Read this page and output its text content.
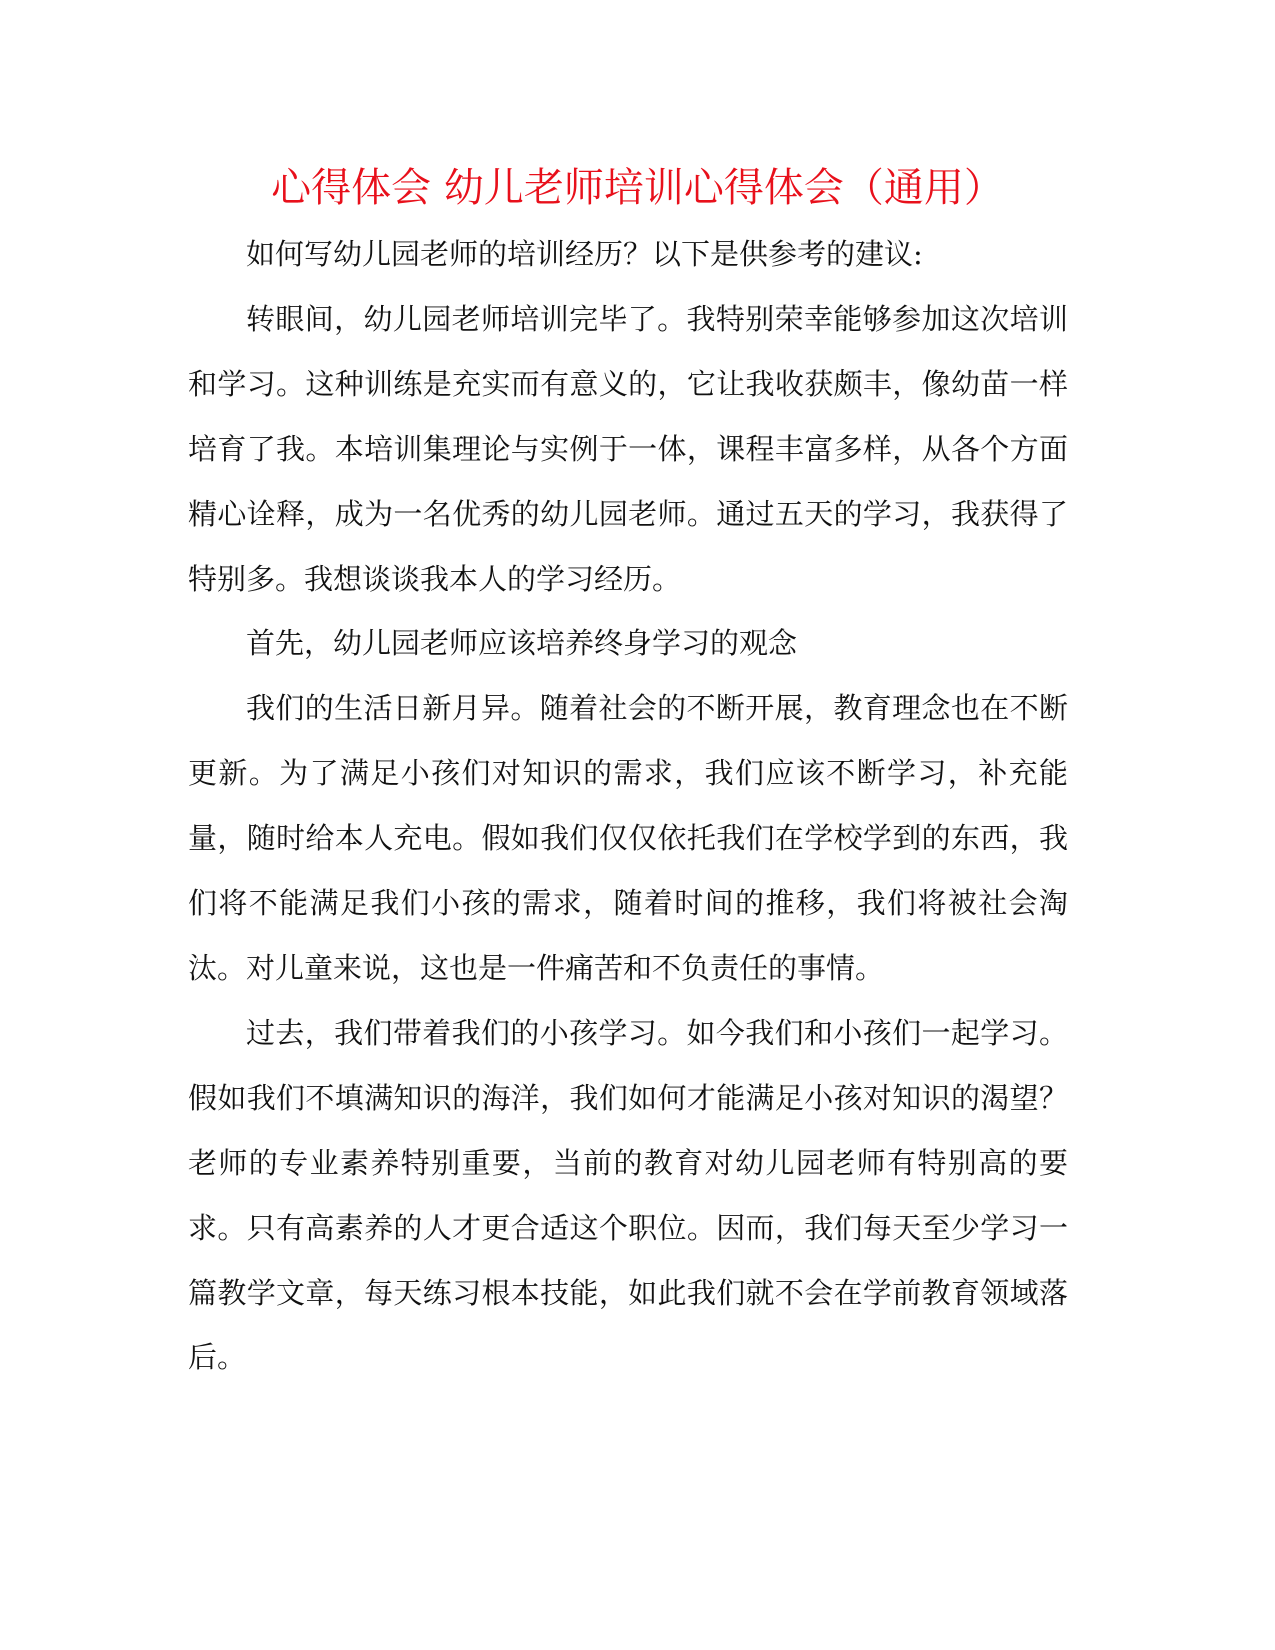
心得体会 幼儿老师培训心得体会（通用）

如何写幼儿园老师的培训经历？以下是供参考的建议:

转眼间，幼儿园老师培训完毕了。我特别荣幸能够参加这次培训和学习。这种训练是充实而有意义的，它让我收获颇丰，像幼苗一样培育了我。本培训集理论与实例于一体，课程丰富多样，从各个方面精心诠释，成为一名优秀的幼儿园老师。通过五天的学习，我获得了特别多。我想谈谈我本人的学习经历。

首先，幼儿园老师应该培养终身学习的观念

我们的生活日新月异。随着社会的不断开展，教育理念也在不断更新。为了满足小孩们对知识的需求，我们应该不断学习，补充能量，随时给本人充电。假如我们仅仅依托我们在学校学到的东西，我们将不能满足我们小孩的需求，随着时间的推移，我们将被社会淘汰。对儿童来说，这也是一件痛苦和不负责任的事情。

过去，我们带着我们的小孩学习。如今我们和小孩们一起学习。假如我们不填满知识的海洋，我们如何才能满足小孩对知识的渴望？老师的专业素养特别重要，当前的教育对幼儿园老师有特别高的要求。只有高素养的人才更合适这个职位。因而，我们每天至少学习一篇教学文章，每天练习根本技能，如此我们就不会在学前教育领域落后。
